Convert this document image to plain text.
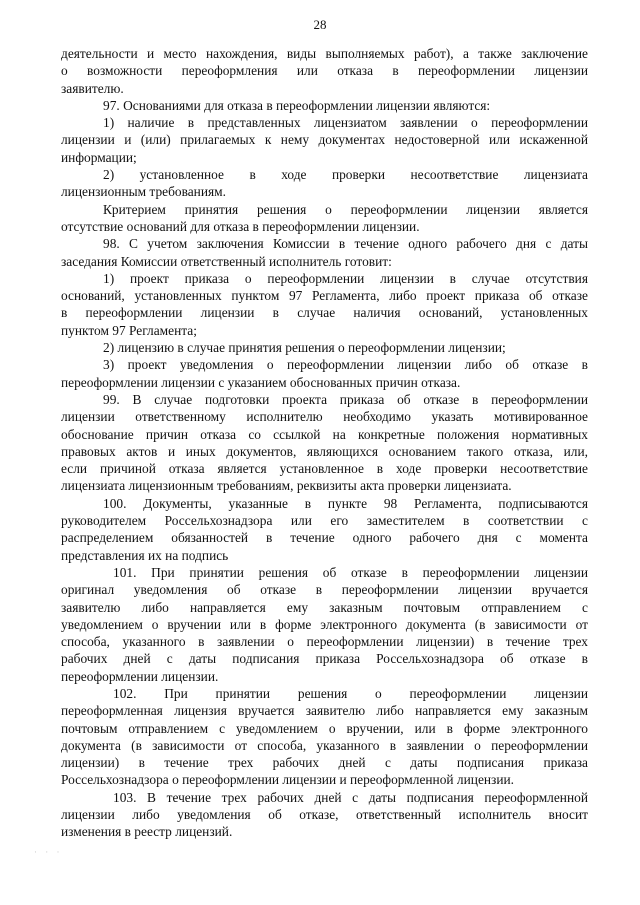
28
деятельности и место нахождения, виды выполняемых работ), а также заключение
о возможности переоформления или отказа в переоформлении лицензии
заявителю.
97. Основаниями для отказа в переоформлении лицензии являются:
1) наличие в представленных лицензиатом заявлении о переоформлении
лицензии и (или) прилагаемых к нему документах недостоверной или искаженной
информации;
2) установленное в ходе проверки несоответствие лицензиата
лицензионным требованиям.
Критерием принятия решения о переоформлении лицензии является
отсутствие оснований для отказа в переоформлении лицензии.
98. С учетом заключения Комиссии в течение одного рабочего дня с даты
заседания Комиссии ответственный исполнитель готовит:
1) проект приказа о переоформлении лицензии в случае отсутствия
оснований, установленных пунктом 97 Регламента, либо проект приказа об отказе
в переоформлении лицензии в случае наличия оснований, установленных
пунктом 97 Регламента;
2) лицензию в случае принятия решения о переоформлении лицензии;
3) проект уведомления о переоформлении лицензии либо об отказе в
переоформлении лицензии с указанием обоснованных причин отказа.
99. В случае подготовки проекта приказа об отказе в переоформлении
лицензии ответственному исполнителю необходимо указать мотивированное
обоснование причин отказа со ссылкой на конкретные положения нормативных
правовых актов и иных документов, являющихся основанием такого отказа, или,
если причиной отказа является установленное в ходе проверки несоответствие
лицензиата лицензионным требованиям, реквизиты акта проверки лицензиата.
100. Документы, указанные в пункте 98 Регламента, подписываются
руководителем Россельхознадзора или его заместителем в соответствии с
распределением обязанностей в течение одного рабочего дня с момента
представления их на подпись
101. При принятии решения об отказе в переоформлении лицензии
оригинал уведомления об отказе в переоформлении лицензии вручается
заявителю либо направляется ему заказным почтовым отправлением с
уведомлением о вручении или в форме электронного документа (в зависимости от
способа, указанного в заявлении о переоформлении лицензии) в течение трех
рабочих дней с даты подписания приказа Россельхознадзора об отказе в
переоформлении лицензии.
102. При принятии решения о переоформлении лицензии
переоформленная лицензия вручается заявителю либо направляется ему заказным
почтовым отправлением с уведомлением о вручении, или в форме электронного
документа (в зависимости от способа, указанного в заявлении о переоформлении
лицензии) в течение трех рабочих дней с даты подписания приказа
Россельхознадзора о переоформлении лицензии и переоформленной лицензии.
103. В течение трех рабочих дней с даты подписания переоформленной
лицензии либо уведомления об отказе, ответственный исполнитель вносит
изменения в реестр лицензий.
· · ·
